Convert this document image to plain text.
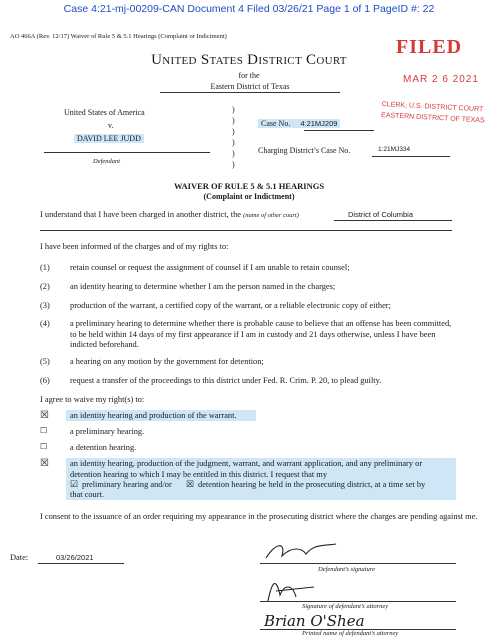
Case 4:21-mj-00209-CAN Document 4 Filed 03/26/21 Page 1 of 1 PageID #: 22
AO 466A (Rev. 12/17) Waiver of Rule 5 & 5.1 Hearings (Complaint or Indictment)
United States District Court
for the
Eastern District of Texas
FILED
MAR 2 6 2021
CLERK, U.S. DISTRICT COURT
EASTERN DISTRICT OF TEXAS
United States of America
v.
DAVID LEE JUDD
Defendant
)
)
)
)
)
)
Case No. 4:21MJ209
Charging District’s Case No.	1:21MJ334
WAIVER OF RULE 5 & 5.1 HEARINGS
(Complaint or Indictment)
I understand that I have been charged in another district, the (name of other court)	District of Columbia
I have been informed of the charges and of my rights to:
(1) retain counsel or request the assignment of counsel if I am unable to retain counsel;
(2) an identity hearing to determine whether I am the person named in the charges;
(3) production of the warrant, a certified copy of the warrant, or a reliable electronic copy of either;
(4) a preliminary hearing to determine whether there is probable cause to believe that an offense has been committed, to be held within 14 days of my first appearance if I am in custody and 21 days otherwise, unless I have been indicted beforehand.
(5) a hearing on any motion by the government for detention;
(6) request a transfer of the proceedings to this district under Fed. R. Crim. P. 20, to plead guilty.
I agree to waive my right(s) to:
☒	an identity hearing and production of the warrant.
☐	a preliminary hearing.
☐	a detention hearing.
☒	an identity hearing, production of the judgment, warrant, and warrant application, and any preliminary or detention hearing to which I may be entitled in this district. I request that my
☑ preliminary hearing and/or	☒ detention hearing be held in the prosecuting district, at a time set by
that court.
I consent to the issuance of an order requiring my appearance in the prosecuting district where the charges are pending against me.
Date:	03/26/2021
Defendant’s signature
Signature of defendant’s attorney
Brian O'Shea
Printed name of defendant’s attorney
